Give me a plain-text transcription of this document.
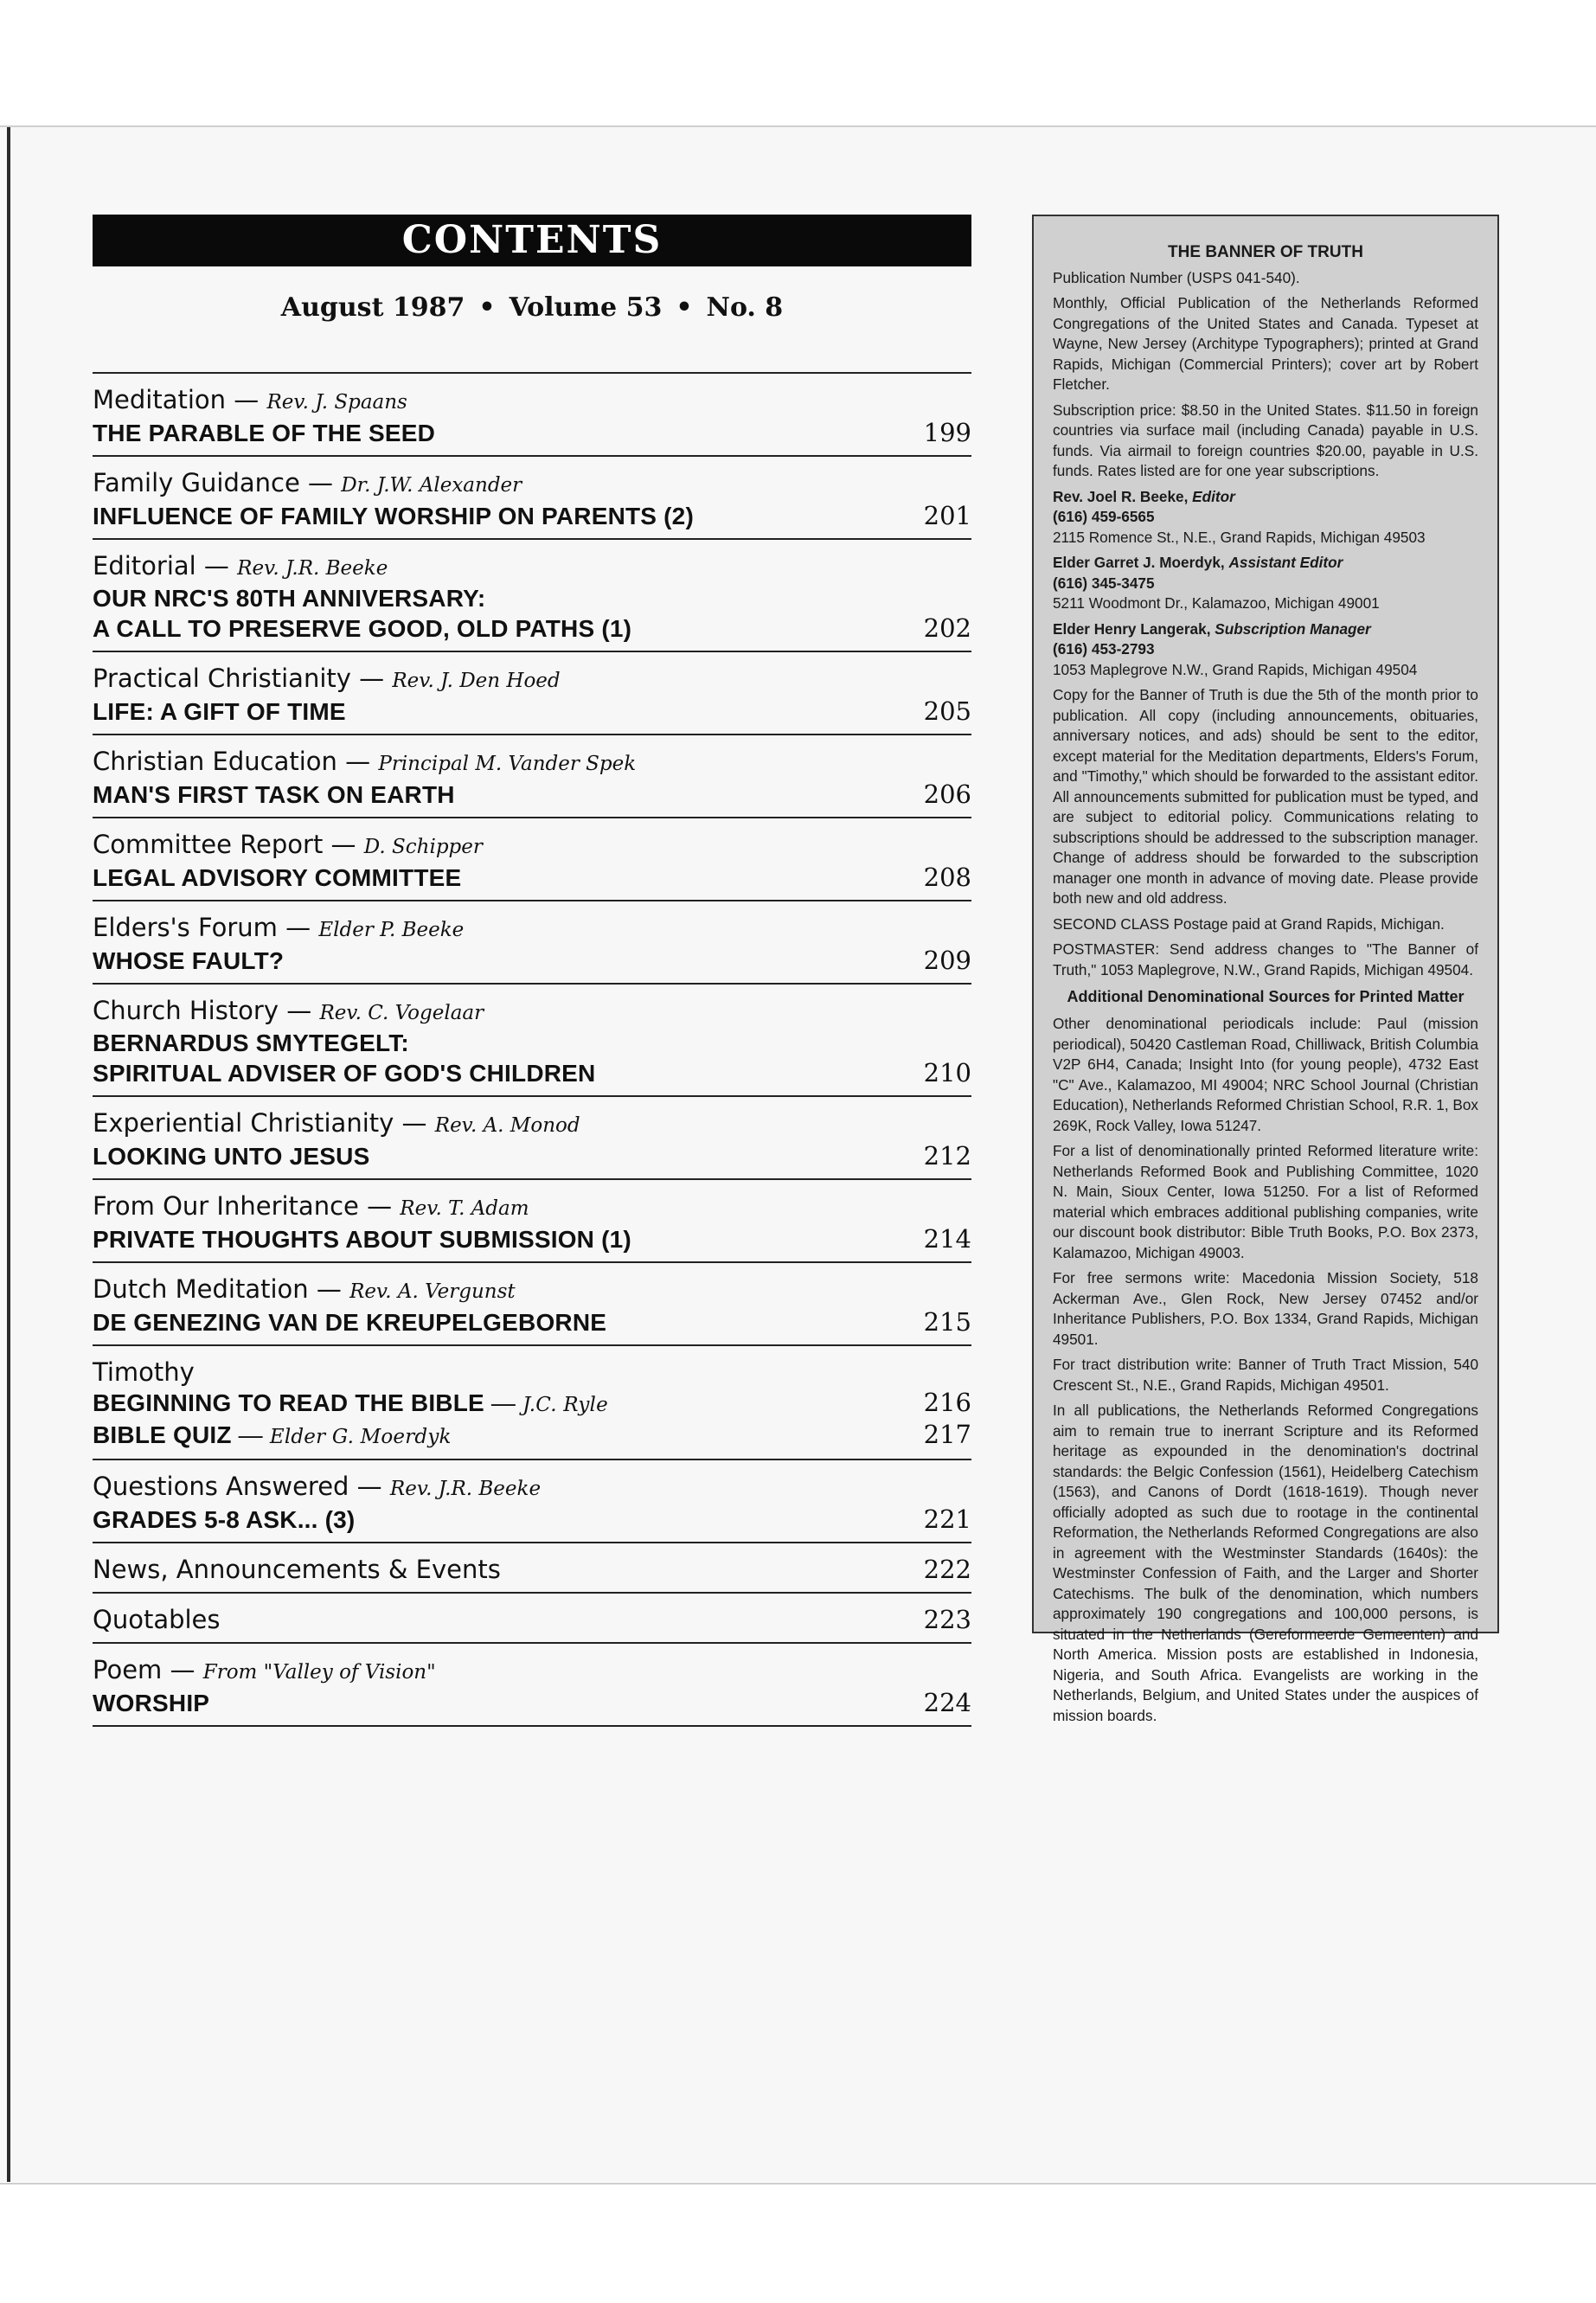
CONTENTS
August 1987 • Volume 53 • No. 8
Meditation — Rev. J. Spaans
THE PARABLE OF THE SEED	199
Family Guidance — Dr. J.W. Alexander
INFLUENCE OF FAMILY WORSHIP ON PARENTS (2)	201
Editorial — Rev. J.R. Beeke
OUR NRC'S 80TH ANNIVERSARY:
A CALL TO PRESERVE GOOD, OLD PATHS (1)	202
Practical Christianity — Rev. J. Den Hoed
LIFE: A GIFT OF TIME	205
Christian Education — Principal M. Vander Spek
MAN'S FIRST TASK ON EARTH	206
Committee Report — D. Schipper
LEGAL ADVISORY COMMITTEE	208
Elders's Forum — Elder P. Beeke
WHOSE FAULT?	209
Church History — Rev. C. Vogelaar
BERNARDUS SMYTEGELT:
SPIRITUAL ADVISER OF GOD'S CHILDREN	210
Experiential Christianity — Rev. A. Monod
LOOKING UNTO JESUS	212
From Our Inheritance — Rev. T. Adam
PRIVATE THOUGHTS ABOUT SUBMISSION (1)	214
Dutch Meditation — Rev. A. Vergunst
DE GENEZING VAN DE KREUPELGEBORNE	215
Timothy
BEGINNING TO READ THE BIBLE — J.C. Ryle	216
BIBLE QUIZ — Elder G. Moerdyk	217
Questions Answered — Rev. J.R. Beeke
GRADES 5-8 ASK... (3)	221
News, Announcements & Events	222
Quotables	223
Poem — From "Valley of Vision"
WORSHIP	224
THE BANNER OF TRUTH

Publication Number (USPS 041-540).

Monthly, Official Publication of the Netherlands Reformed Congregations of the United States and Canada. Typeset at Wayne, New Jersey (Architype Typographers); printed at Grand Rapids, Michigan (Commercial Printers); cover art by Robert Fletcher.

Subscription price: $8.50 in the United States. $11.50 in foreign countries via surface mail (including Canada) payable in U.S. funds. Via airmail to foreign countries $20.00, payable in U.S. funds. Rates listed are for one year subscriptions.

Rev. Joel R. Beeke, Editor
(616) 459-6565
2115 Romence St., N.E., Grand Rapids, Michigan 49503

Elder Garret J. Moerdyk, Assistant Editor
(616) 345-3475
5211 Woodmont Dr., Kalamazoo, Michigan 49001

Elder Henry Langerak, Subscription Manager
(616) 453-2793
1053 Maplegrove N.W., Grand Rapids, Michigan 49504

Copy for the Banner of Truth is due the 5th of the month prior to publication. All copy (including announcements, obituaries, anniversary notices, and ads) should be sent to the editor, except material for the Meditation departments, Elders's Forum, and "Timothy," which should be forwarded to the assistant editor. All announcements submitted for publication must be typed, and are subject to editorial policy. Communications relating to subscriptions should be addressed to the subscription manager. Change of address should be forwarded to the subscription manager one month in advance of moving date. Please provide both new and old address.

SECOND CLASS Postage paid at Grand Rapids, Michigan.

POSTMASTER: Send address changes to "The Banner of Truth," 1053 Maplegrove, N.W., Grand Rapids, Michigan 49504.

Additional Denominational Sources for Printed Matter

Other denominational periodicals include: Paul (mission periodical), 50420 Castleman Road, Chilliwack, British Columbia V2P 6H4, Canada; Insight Into (for young people), 4732 East "C" Ave., Kalamazoo, MI 49004; NRC School Journal (Christian Education), Netherlands Reformed Christian School, R.R. 1, Box 269K, Rock Valley, Iowa 51247.

For a list of denominationally printed Reformed literature write: Netherlands Reformed Book and Publishing Committee, 1020 N. Main, Sioux Center, Iowa 51250. For a list of Reformed material which embraces additional publishing companies, write our discount book distributor: Bible Truth Books, P.O. Box 2373, Kalamazoo, Michigan 49003.

For free sermons write: Macedonia Mission Society, 518 Ackerman Ave., Glen Rock, New Jersey 07452 and/or Inheritance Publishers, P.O. Box 1334, Grand Rapids, Michigan 49501.

For tract distribution write: Banner of Truth Tract Mission, 540 Crescent St., N.E., Grand Rapids, Michigan 49501.

In all publications, the Netherlands Reformed Congregations aim to remain true to inerrant Scripture and its Reformed heritage as expounded in the denomination's doctrinal standards: the Belgic Confession (1561), Heidelberg Catechism (1563), and Canons of Dordt (1618-1619). Though never officially adopted as such due to rootage in the continental Reformation, the Netherlands Reformed Congregations are also in agreement with the Westminster Standards (1640s): the Westminster Confession of Faith, and the Larger and Shorter Catechisms. The bulk of the denomination, which numbers approximately 190 congregations and 100,000 persons, is situated in the Netherlands (Gereformeerde Gemeenten) and North America. Mission posts are established in Indonesia, Nigeria, and South Africa. Evangelists are working in the Netherlands, Belgium, and United States under the auspices of mission boards.
